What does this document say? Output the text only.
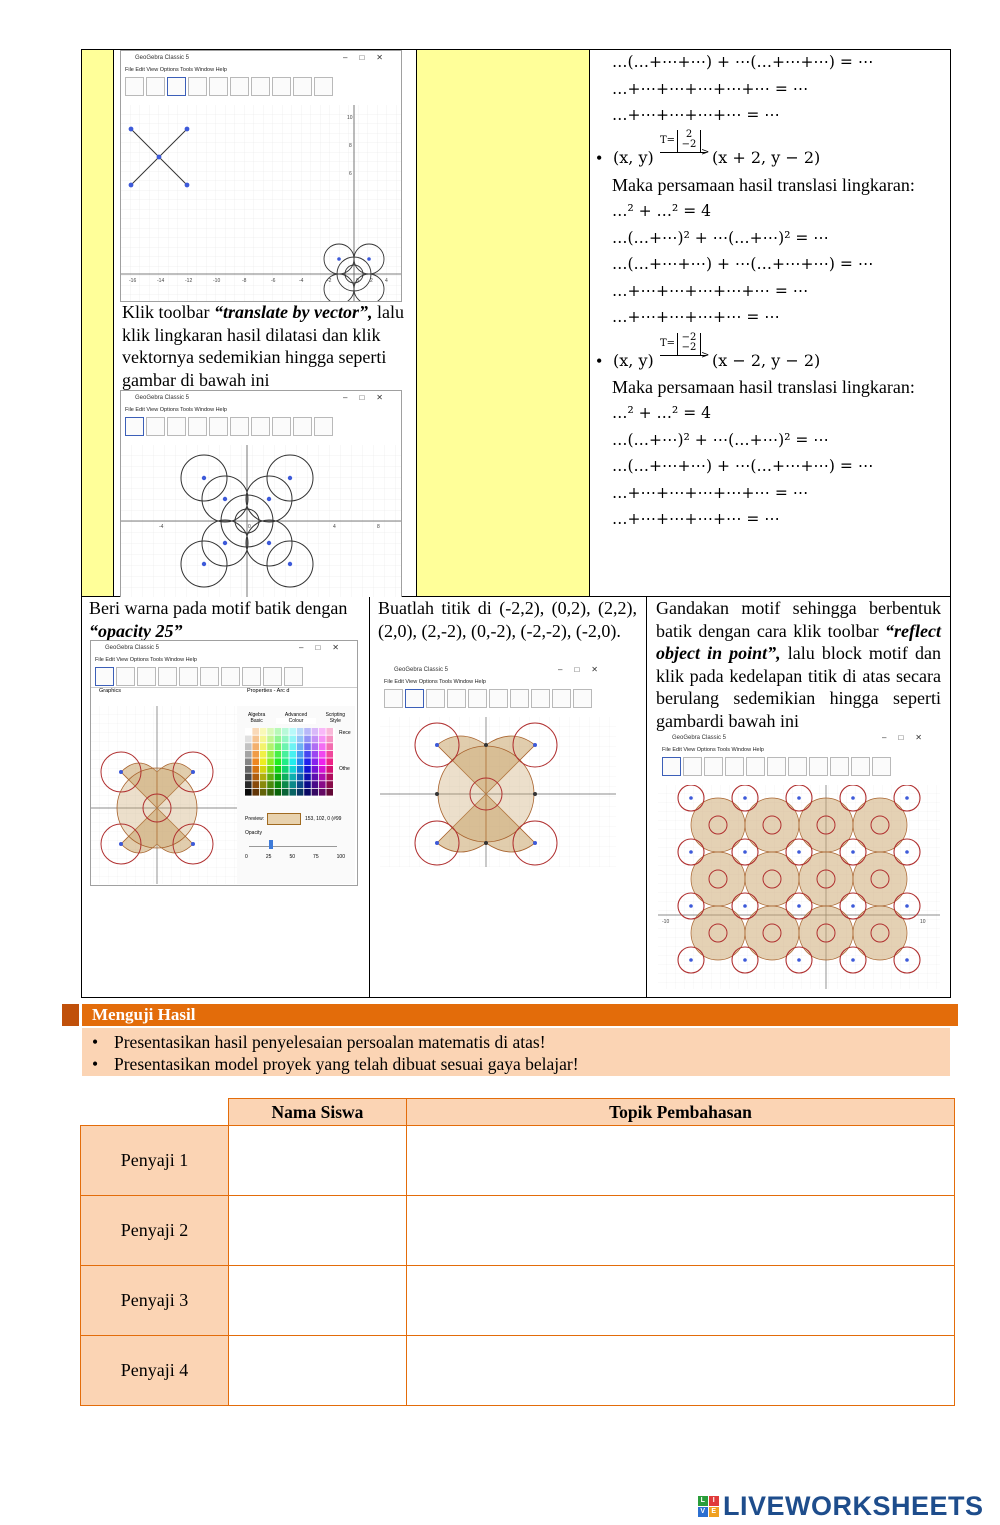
GeoGebra Classic 5	–□✕
File Edit View Options Tools Window Help
-16	-14	-12	-10	-8	-6	-4	-2	0 2 4
10
8
6
Klik toolbar “translate by vector”, lalu klik lingkaran hasil dilatasi dan klik vektornya sedemikian hingga seperti gambar di bawah ini
GeoGebra Classic 5	–□✕
File Edit View Options Tools Window Help
-4	0	4	8
…(…+⋯+⋯) + ⋯(…+⋯+⋯) = ⋯
…+⋯+⋯+⋯+⋯+⋯ = ⋯
…+⋯+⋯+⋯+⋯ = ⋯
• (x, y)
T=
2
−2
> (x + 2, y − 2)
Maka persamaan hasil translasi lingkaran:
…² + …² = 4
…(…+⋯)² + ⋯(…+⋯)² = ⋯
…(…+⋯+⋯) + ⋯(…+⋯+⋯) = ⋯
…+⋯+⋯+⋯+⋯+⋯ = ⋯
…+⋯+⋯+⋯+⋯ = ⋯
• (x, y)
T=
−2
−2
> (x − 2, y − 2)
Maka persamaan hasil translasi lingkaran:
…² + …² = 4
…(…+⋯)² + ⋯(…+⋯)² = ⋯
…(…+⋯+⋯) + ⋯(…+⋯+⋯) = ⋯
…+⋯+⋯+⋯+⋯+⋯ = ⋯
…+⋯+⋯+⋯+⋯ = ⋯
Beri warna pada motif batik dengan “opacity 25”
GeoGebra Classic 5	–□✕
File Edit View Options Tools Window Help
Graphics	Properties - Arc d
Algebra	Advanced	Scripting
Basic	Colour	Style
Rece
Othe
Preview:	153, 102, 0 (#99
Opacity
0	25	50	75	100
Buatlah titik di (-2,2), (0,2), (2,2), (2,0), (2,-2), (0,-2), (-2,-2), (-2,0).
GeoGebra Classic 5	–□✕
File Edit View Options Tools Window Help
Gandakan motif sehingga berbentuk batik dengan cara klik toolbar “reflect object in point”, lalu block motif dan klik pada kedelapan titik di atas secara berulang sedemikian hingga seperti gambardi bawah ini
GeoGebra Classic 5	–□✕
File Edit View Options Tools Window Help
-10	10
Menguji Hasil
• Presentasikan hasil penyelesaian persoalan matematis di atas!
• Presentasikan model proyek yang telah dibuat sesuai gaya belajar!
	Nama Siswa	Topik Pembahasan
Penyaji 1		
Penyaji 2		
Penyaji 3		
Penyaji 4		
L	I
V E LIVEWORKSHEETS
